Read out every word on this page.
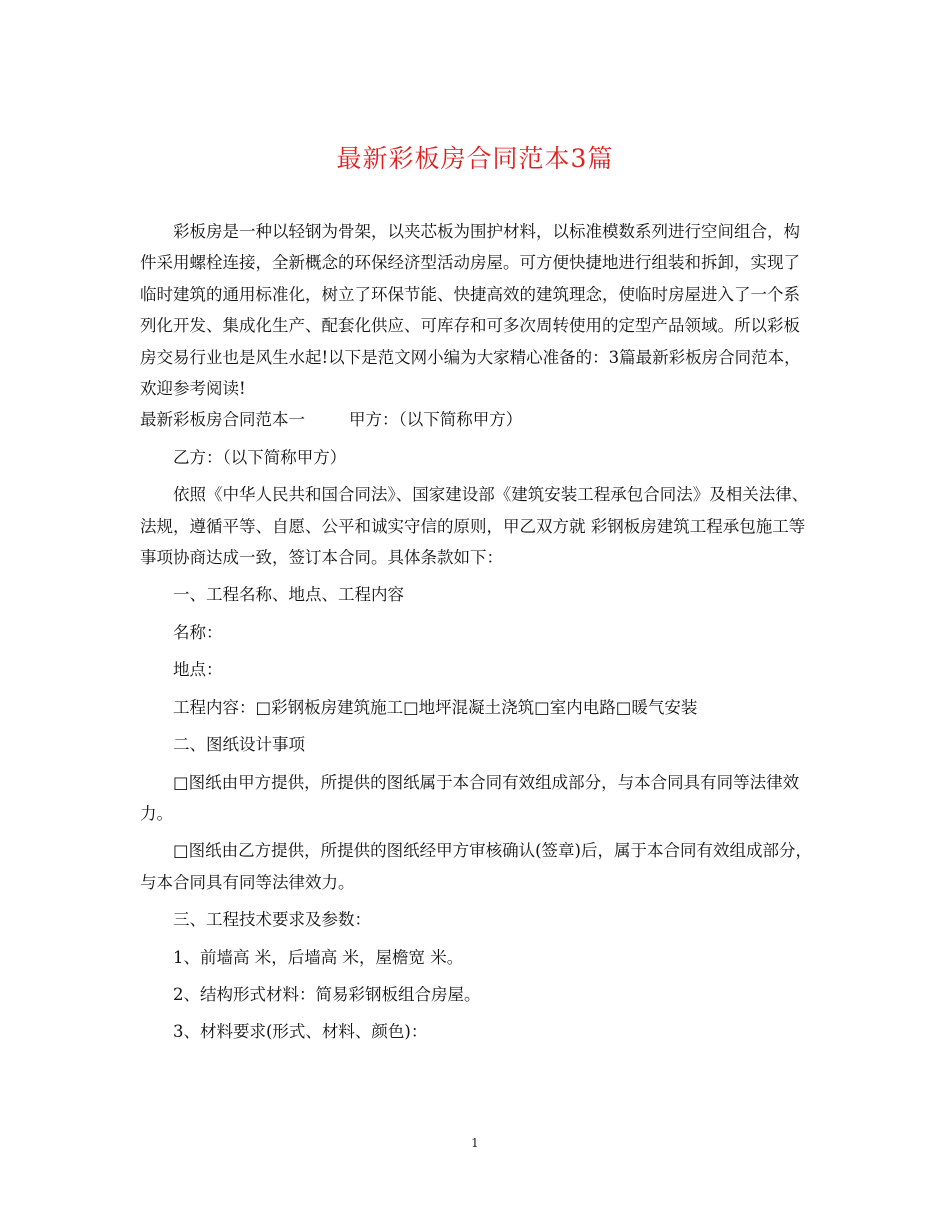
最新彩板房合同范本3篇

彩板房是一种以轻钢为骨架，以夹芯板为围护材料，以标准模数系列进行空间组合，构件采用螺栓连接，全新概念的环保经济型活动房屋。可方便快捷地进行组装和拆卸，实现了临时建筑的通用标准化，树立了环保节能、快捷高效的建筑理念，使临时房屋进入了一个系列化开发、集成化生产、配套化供应、可库存和可多次周转使用的定型产品领域。所以彩板房交易行业也是风生水起!以下是范文网小编为大家精心准备的：3篇最新彩板房合同范本，欢迎参考阅读!

最新彩板房合同范本一	甲方：（以下简称甲方）

乙方：（以下简称甲方）

依照《中华人民共和国合同法》、国家建设部《建筑安装工程承包合同法》及相关法律、法规，遵循平等、自愿、公平和诚实守信的原则，甲乙双方就 彩钢板房建筑工程承包施工等事项协商达成一致，签订本合同。具体条款如下：

一、工程名称、地点、工程内容

名称：

地点：

工程内容：□彩钢板房建筑施工□地坪混凝土浇筑□室内电路□暖气安装

二、图纸设计事项

□图纸由甲方提供，所提供的图纸属于本合同有效组成部分，与本合同具有同等法律效力。

□图纸由乙方提供，所提供的图纸经甲方审核确认(签章)后，属于本合同有效组成部分，与本合同具有同等法律效力。

三、工程技术要求及参数：

1、前墙高 米，后墙高 米，屋檐宽 米。

2、结构形式材料：简易彩钢板组合房屋。

3、材料要求(形式、材料、颜色)：

1
